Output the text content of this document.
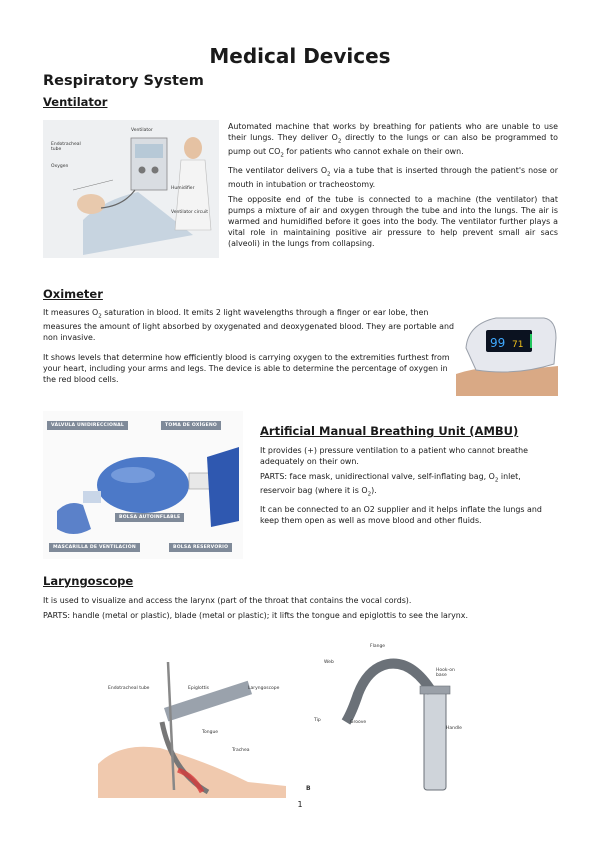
Medical Devices
Respiratory System
Ventilator
Endotracheal tube
Oxygen
Ventilator
Humidifier
Ventilator circuit

Automated machine that works by breathing for patients who are unable to use their lungs. They deliver $O_2$ directly to the lungs or can also be programmed to pump out $CO_2$ for patients who cannot exhale on their own.

The ventilator delivers $O_2$ via a tube that is inserted through the patient's nose or mouth in intubation or tracheostomy.

The opposite end of the tube is connected to a machine (the ventilator) that pumps a mixture of air and oxygen through the tube and into the lungs. The air is warmed and humidified before it goes into the body. The ventilator further plays a vital role in maintaining positive air pressure to help prevent small air sacs (alveoli) in the lungs from collapsing.

Oximeter

It measures $O_2$ saturation in blood. It emits 2 light wavelengths through a finger or ear lobe, then measures the amount of light absorbed by oxygenated and deoxygenated blood. They are portable and non invasive.

It shows levels that determine how efficiently blood is carrying oxygen to the extremities furthest from your heart, including your arms and legs. The device is able to determine the percentage of oxygen in the red blood cells.

99 71
VÁLVULA UNIDIRECCIONAL	TOMA DE OXÍGENO
BOLSA AUTOINFLABLE
MASCARILLA DE VENTILACIÓN	BOLSA RESERVORIO
Artificial Manual Breathing Unit (AMBU)

It provides (+) pressure ventilation to a patient who cannot breathe adequately on their own.

PARTS: face mask, unidirectional valve, self-inflating bag, $O_2$ inlet, reservoir bag (where it is $O_2$).

It can be connected to an O2 supplier and it helps inflate the lungs and keep them open as well as move blood and other fluids.

Laryngoscope

It is used to visualize and access the larynx (part of the throat that contains the vocal cords).

PARTS: handle (metal or plastic), blade (metal or plastic); it lifts the tongue and epiglottis to see the larynx.

Endotracheal tube	Epiglottis	Laryngoscope
Tongue
Trachea
Flange
Web
Tip	Groove
Hook-on base
Handle
B
1
